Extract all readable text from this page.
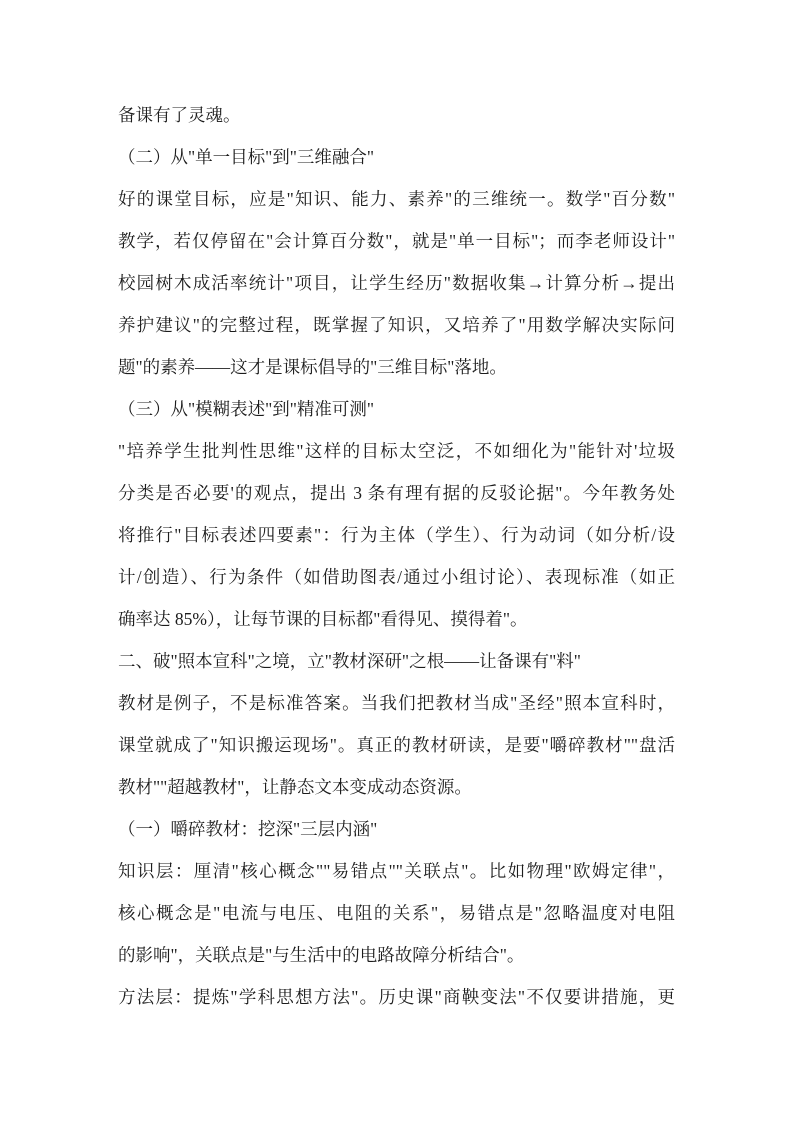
备课有了灵魂。
（二）从"单一目标"到"三维融合"
好的课堂目标，应是"知识、能力、素养"的三维统一。数学"百分数"
教学，若仅停留在"会计算百分数"，就是"单一目标"；而李老师设计"
校园树木成活率统计"项目，让学生经历"数据收集→计算分析→提出
养护建议"的完整过程，既掌握了知识，又培养了"用数学解决实际问
题"的素养——这才是课标倡导的"三维目标"落地。
（三）从"模糊表述"到"精准可测"
"培养学生批判性思维"这样的目标太空泛，不如细化为"能针对'垃圾
分类是否必要'的观点，提出 3 条有理有据的反驳论据"。今年教务处
将推行"目标表述四要素"：行为主体（学生）、行为动词（如分析/设
计/创造）、行为条件（如借助图表/通过小组讨论）、表现标准（如正
确率达 85%），让每节课的目标都"看得见、摸得着"。
二、破"照本宣科"之境，立"教材深研"之根——让备课有"料"
教材是例子，不是标准答案。当我们把教材当成"圣经"照本宣科时，
课堂就成了"知识搬运现场"。真正的教材研读，是要"嚼碎教材""盘活
教材""超越教材"，让静态文本变成动态资源。
（一）嚼碎教材：挖深"三层内涵"
知识层：厘清"核心概念""易错点""关联点"。比如物理"欧姆定律"，
核心概念是"电流与电压、电阻的关系"，易错点是"忽略温度对电阻
的影响"，关联点是"与生活中的电路故障分析结合"。
方法层：提炼"学科思想方法"。历史课"商鞅变法"不仅要讲措施，更
